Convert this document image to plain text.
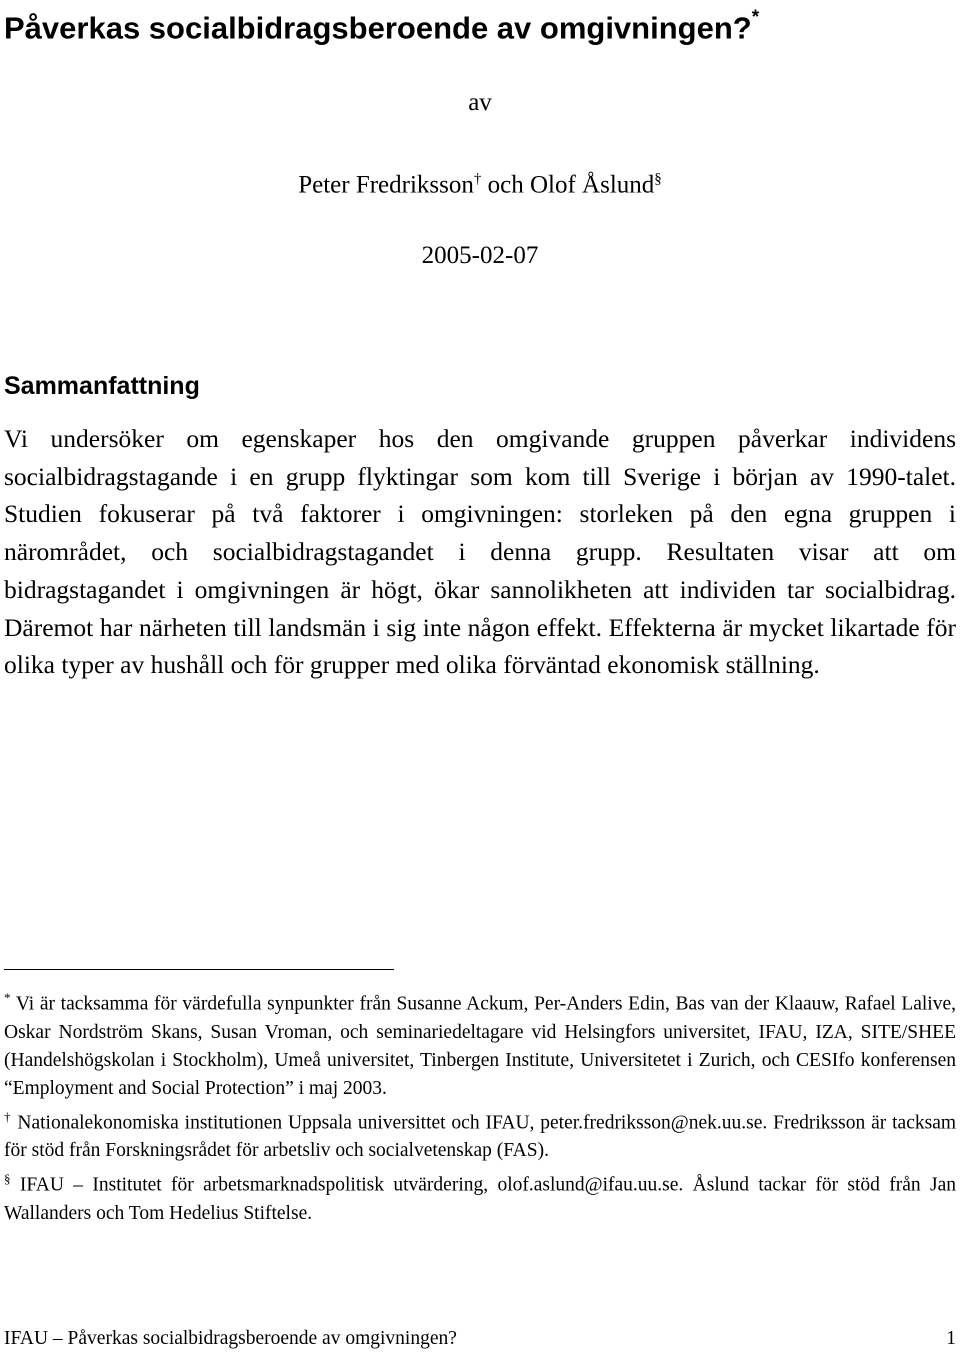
Påverkas socialbidragsberoende av omgivningen?*
av
Peter Fredriksson† och Olof Åslund§
2005-02-07
Sammanfattning

Vi undersöker om egenskaper hos den omgivande gruppen påverkar individens socialbidragstagande i en grupp flyktingar som kom till Sverige i början av 1990-talet. Studien fokuserar på två faktorer i omgivningen: storleken på den egna gruppen i närområdet, och socialbidragstagandet i denna grupp. Resultaten visar att om bidragstagandet i omgivningen är högt, ökar sannolikheten att individen tar socialbidrag. Däremot har närheten till landsmän i sig inte någon effekt. Effekterna är mycket likartade för olika typer av hushåll och för grupper med olika förväntad ekonomisk ställning.

* Vi är tacksamma för värdefulla synpunkter från Susanne Ackum, Per-Anders Edin, Bas van der Klaauw, Rafael Lalive, Oskar Nordström Skans, Susan Vroman, och seminariedeltagare vid Helsingfors universitet, IFAU, IZA, SITE/SHEE (Handelshögskolan i Stockholm), Umeå universitet, Tinbergen Institute, Universitetet i Zurich, och CESIfo konferensen “Employment and Social Protection” i maj 2003.

† Nationalekonomiska institutionen Uppsala universittet och IFAU, peter.fredriksson@nek.uu.se. Fredriksson är tacksam för stöd från Forskningsrådet för arbetsliv och socialvetenskap (FAS).

§ IFAU – Institutet för arbetsmarknadspolitisk utvärdering, olof.aslund@ifau.uu.se. Åslund tackar för stöd från Jan Wallanders och Tom Hedelius Stiftelse.

IFAU – Påverkas socialbidragsberoende av omgivningen?	1
